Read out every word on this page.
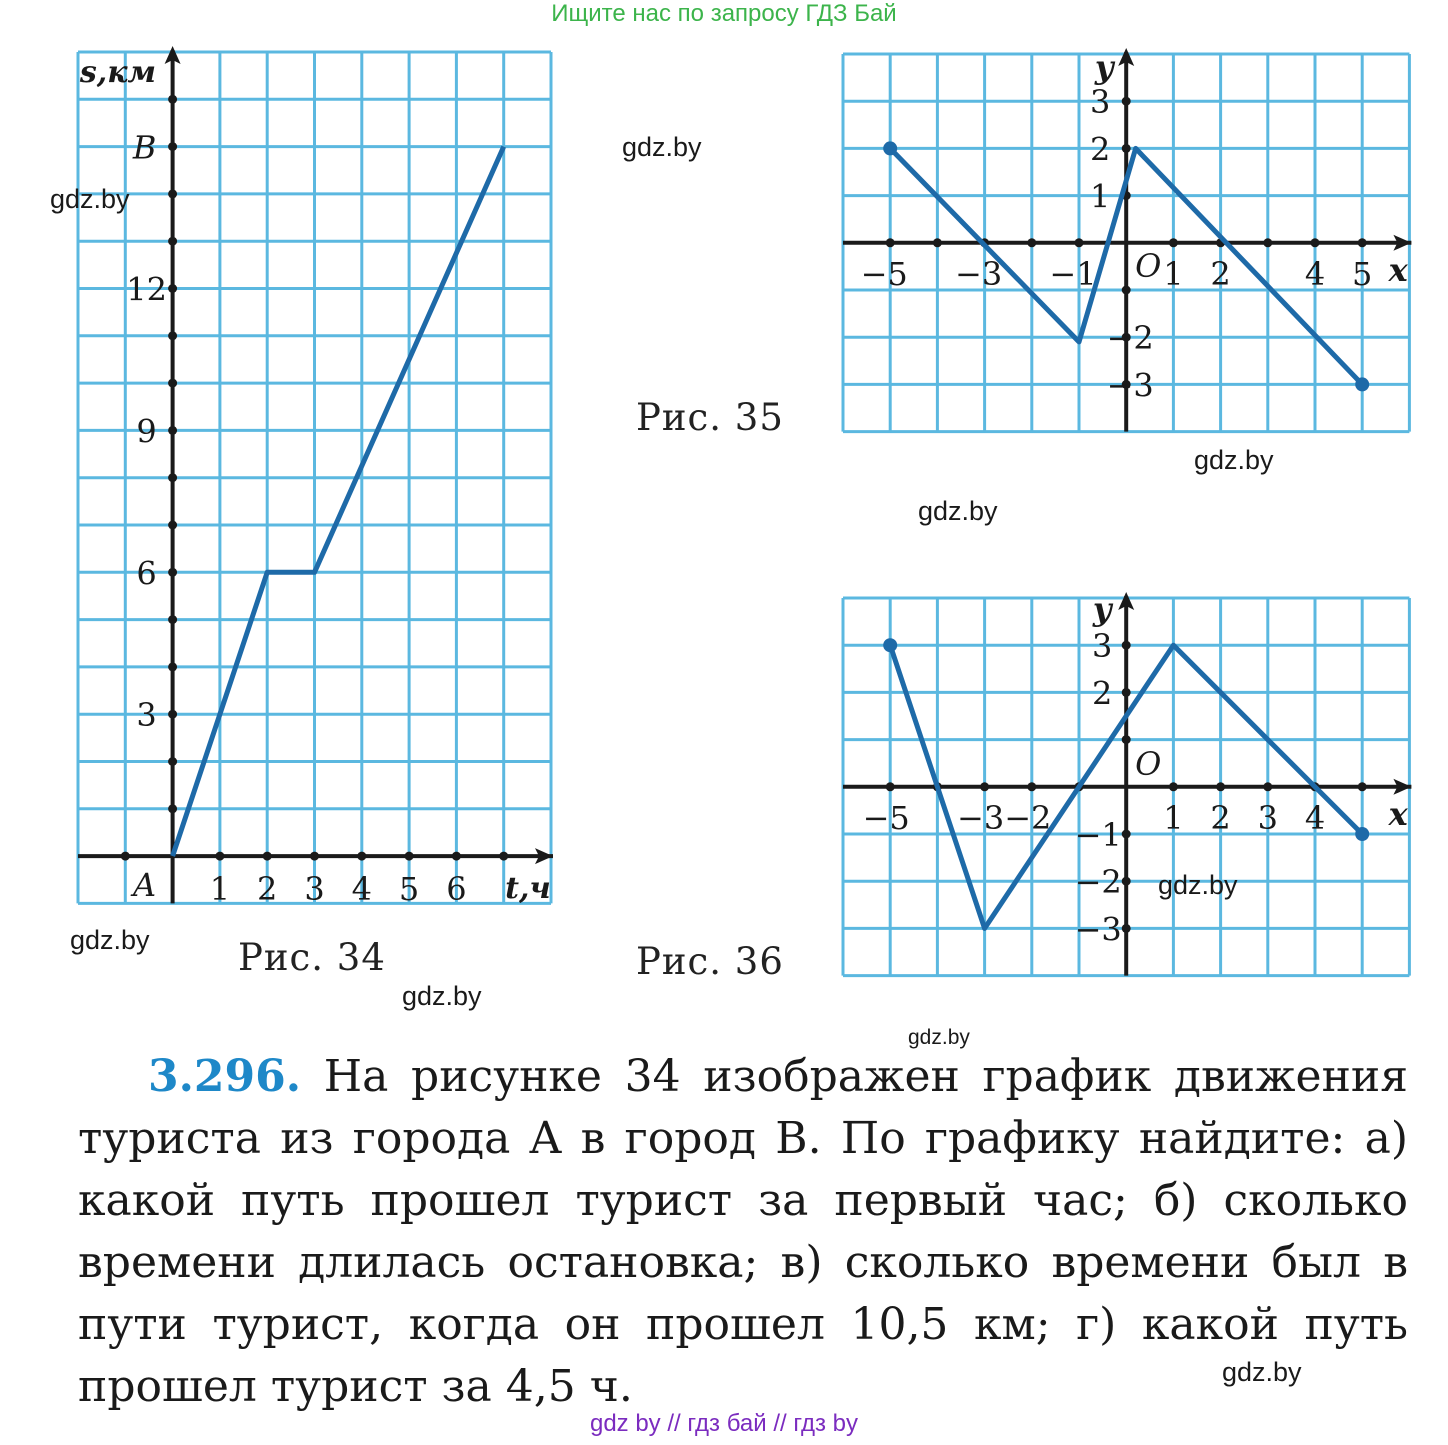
Ищите нас по запросу ГДЗ Бай
1 2 3 4 5 6
3
6
9
12
A
B
s,км
t,ч
−5 −3 −1 1 2 4 5
3
2
1
−2
−3
O
y
x
−5 −3 −2	1 2 3 4
3
2
−1
−2
−3
O
y
x
gdz.by
gdz.by
gdz.by
gdz.by
gdz.by
gdz.by
gdz.by
gdz.by
gdz.by
Рис. 34
Рис. 35
Рис. 36
3.296. На рисунке 34 изображен график движения туриста из города A в город B. По графику найдите: а) какой путь прошел турист за первый час; б) сколько времени длилась остановка; в) сколько времени был в пути турист, когда он прошел 10,5 км; г) какой путь прошел турист за 4,5 ч.
gdz by // гдз бай // гдз by
